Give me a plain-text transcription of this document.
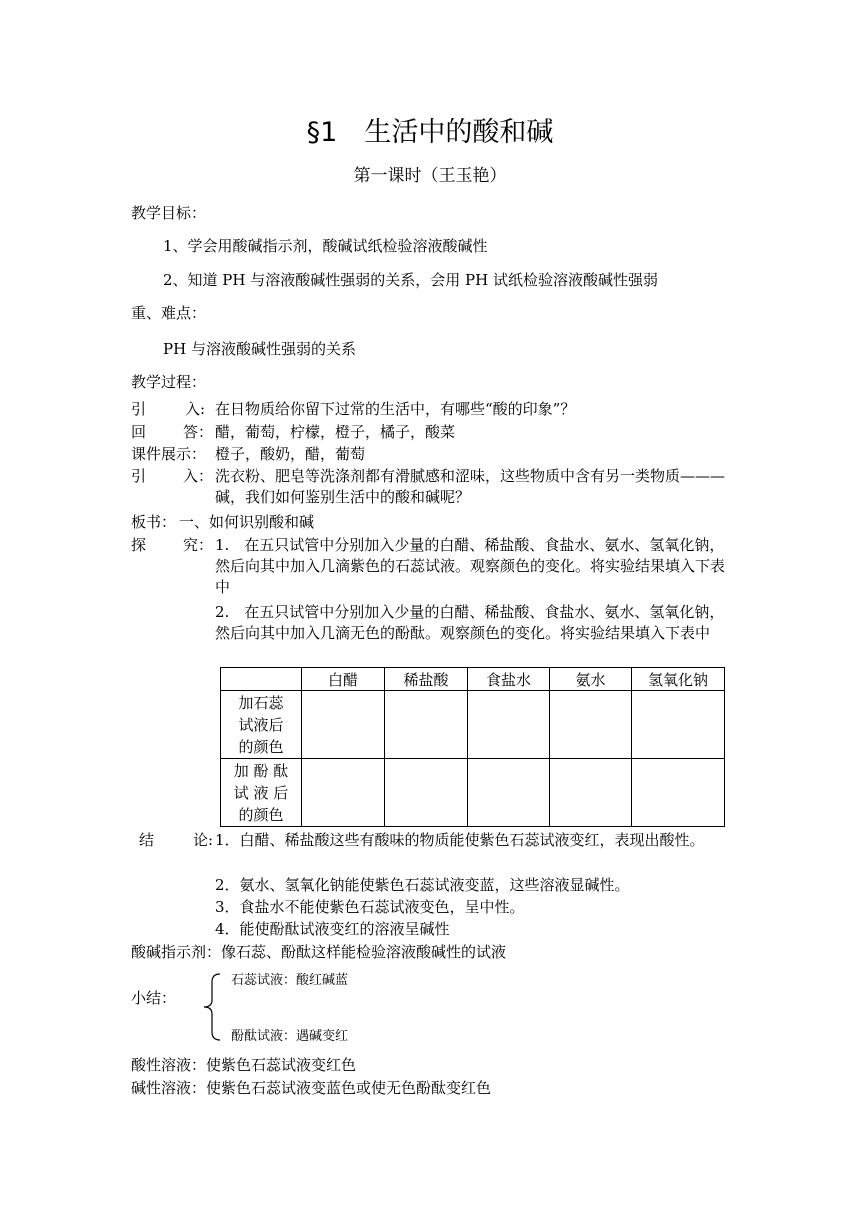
§1　生活中的酸和碱
第一课时（王玉艳）
教学目标：
1、学会用酸碱指示剂，酸碱试纸检验溶液酸碱性
2、知道 PH 与溶液酸碱性强弱的关系，会用 PH 试纸检验溶液酸碱性强弱
重、难点：
PH 与溶液酸碱性强弱的关系
教学过程：
引	入: 在日物质给你留下过常的生活中，有哪些“酸的印象”？
回 答： 醋，葡萄，柠檬，橙子，橘子，酸菜
课件展示： 橙子，酸奶，醋，葡萄
引 入： 洗衣粉、肥皂等洗涤剂都有滑腻感和涩味，这些物质中含有另一类物质———碱，我们如何鉴别生活中的酸和碱呢？
板书： 一、如何识别酸和碱
探 究： 1.　在五只试管中分别加入少量的白醋、稀盐酸、食盐水、氨水、氢氧化钠，然后向其中加入几滴紫色的石蕊试液。观察颜色的变化。将实验结果填入下表中
2.　在五只试管中分别加入少量的白醋、稀盐酸、食盐水、氨水、氢氧化钠，然后向其中加入几滴无色的酚酞。观察颜色的变化。将实验结果填入下表中
	白醋	稀盐酸	食盐水	氨水	氢氧化钠

加石蕊
试液后
的颜色					

加 酚 酞
试 液 后
的颜色					

结	论: 1．白醋、稀盐酸这些有酸味的物质能使紫色石蕊试液变红，表现出酸性。
2．氨水、氢氧化钠能使紫色石蕊试液变蓝，这些溶液显碱性。
3．食盐水不能使紫色石蕊试液变色，呈中性。
4．能使酚酞试液变红的溶液呈碱性
酸碱指示剂：像石蕊、酚酞这样能检验溶液酸碱性的试液
小结：
石蕊试液：酸红碱蓝
酚酞试液：遇碱变红
酸性溶液：使紫色石蕊试液变红色
碱性溶液：使紫色石蕊试液变蓝色或使无色酚酞变红色
